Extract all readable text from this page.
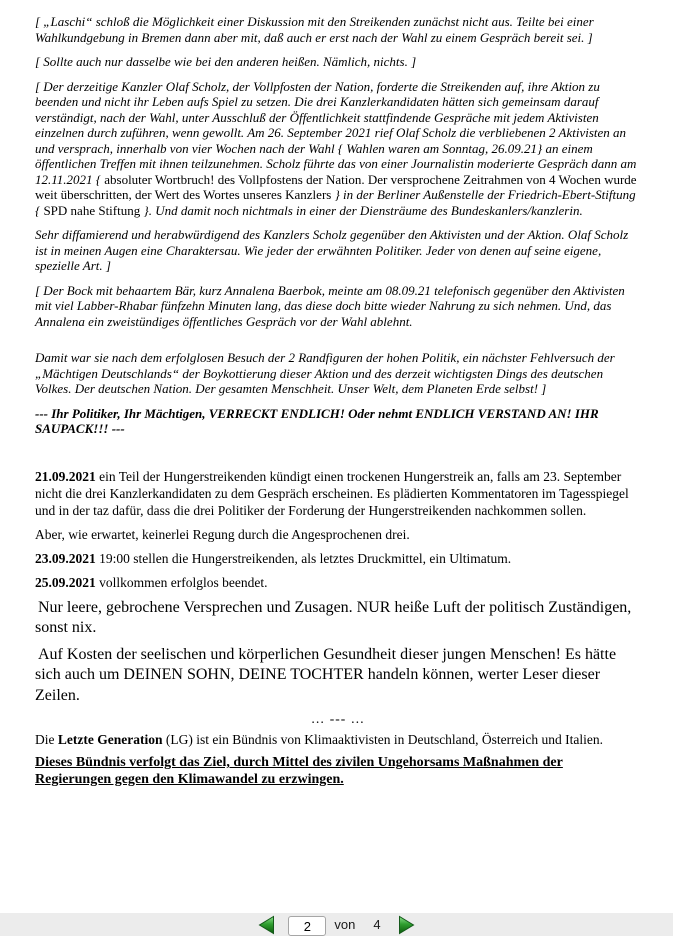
[ „Laschi“ schloß die Möglichkeit einer Diskussion mit den Streikenden zunächst nicht aus. Teilte bei einer Wahlkundgebung in Bremen dann aber mit, daß auch er erst nach der Wahl zu einem Gespräch bereit sei. ]

[ Sollte auch nur dasselbe wie bei den anderen heißen. Nämlich, nichts. ]

[ Der derzeitige Kanzler Olaf Scholz, der Vollpfosten der Nation, forderte die Streikenden auf, ihre Aktion zu beenden und nicht ihr Leben aufs Spiel zu setzen. Die drei Kanzlerkandidaten hätten sich gemeinsam darauf verständigt, nach der Wahl, unter Ausschluß der Öffentlichkeit stattfindende Gespräche mit jedem Aktivisten einzelnen durch zuführen, wenn gewollt. Am 26. September 2021 rief Olaf Scholz die verbliebenen 2 Aktivisten an und versprach, innerhalb von vier Wochen nach der Wahl { Wahlen waren am Sonntag, 26.09.21} an einem öffentlichen Treffen mit ihnen teilzunehmen. Scholz führte das von einer Journalistin moderierte Gespräch dann am 12.11.2021 { absoluter Wortbruch! des Vollpfostens der Nation. Der versprochene Zeitrahmen von 4 Wochen wurde weit überschritten, der Wert des Wortes unseres Kanzlers } in der Berliner Außenstelle der Friedrich-Ebert-Stiftung { SPD nahe Stiftung }. Und damit noch nichtmals in einer der Diensträume des Bundeskanlers/kanzlerin.

Sehr diffamierend und herabwürdigend des Kanzlers Scholz gegenüber den Aktivisten und der Aktion. Olaf Scholz ist in meinen Augen eine Charaktersau. Wie jeder der erwähnten Politiker. Jeder von denen auf seine eigene, spezielle Art. ]

[ Der Bock mit behaartem Bär, kurz Annalena Baerbok, meinte am 08.09.21 telefonisch gegenüber den Aktivisten mit viel Labber-Rhabar fünfzehn Minuten lang, das diese doch bitte wieder Nahrung zu sich nehmen. Und, das Annalena ein zweistündiges öffentliches Gespräch vor der Wahl ablehnt.

Damit war sie nach dem erfolglosen Besuch der 2 Randfiguren der hohen Politik, ein nächster Fehlversuch der „Mächtigen Deutschlands“ der Boykottierung dieser Aktion und des derzeit wichtigsten Dings des deutschen Volkes. Der deutschen Nation. Der gesamten Menschheit. Unser Welt, dem Planeten Erde selbst! ]

--- Ihr Politiker, Ihr Mächtigen, VERRECKT ENDLICH! Oder nehmt ENDLICH VERSTAND AN! IHR SAUPACK!!! ---

21.09.2021 ein Teil der Hungerstreikenden kündigt einen trockenen Hungerstreik an, falls am 23. September nicht die drei Kanzlerkandidaten zu dem Gespräch erscheinen. Es plädierten Kommentatoren im Tagesspiegel und in der taz dafür, dass die drei Politiker der Forderung der Hungerstreikenden nachkommen sollen.

Aber, wie erwartet, keinerlei Regung durch die Angesprochenen drei.

23.09.2021 19:00 stellen die Hungerstreikenden, als letztes Druckmittel, ein Ultimatum.

25.09.2021 vollkommen erfolglos beendet.

Nur leere, gebrochene Versprechen und Zusagen. NUR heiße Luft der politisch Zuständigen, sonst nix.

Auf Kosten der seelischen und körperlichen Gesundheit dieser jungen Menschen! Es hätte sich auch um DEINEN SOHN, DEINE TOCHTER handeln können, werter Leser dieser Zeilen.

… --- …

Die Letzte Generation (LG) ist ein Bündnis von Klimaaktivisten in Deutschland, Österreich und Italien.

Dieses Bündnis verfolgt das Ziel, durch Mittel des zivilen Ungehorsams Maßnahmen der Regierungen gegen den Klimawandel zu erzwingen.

2
von 4
